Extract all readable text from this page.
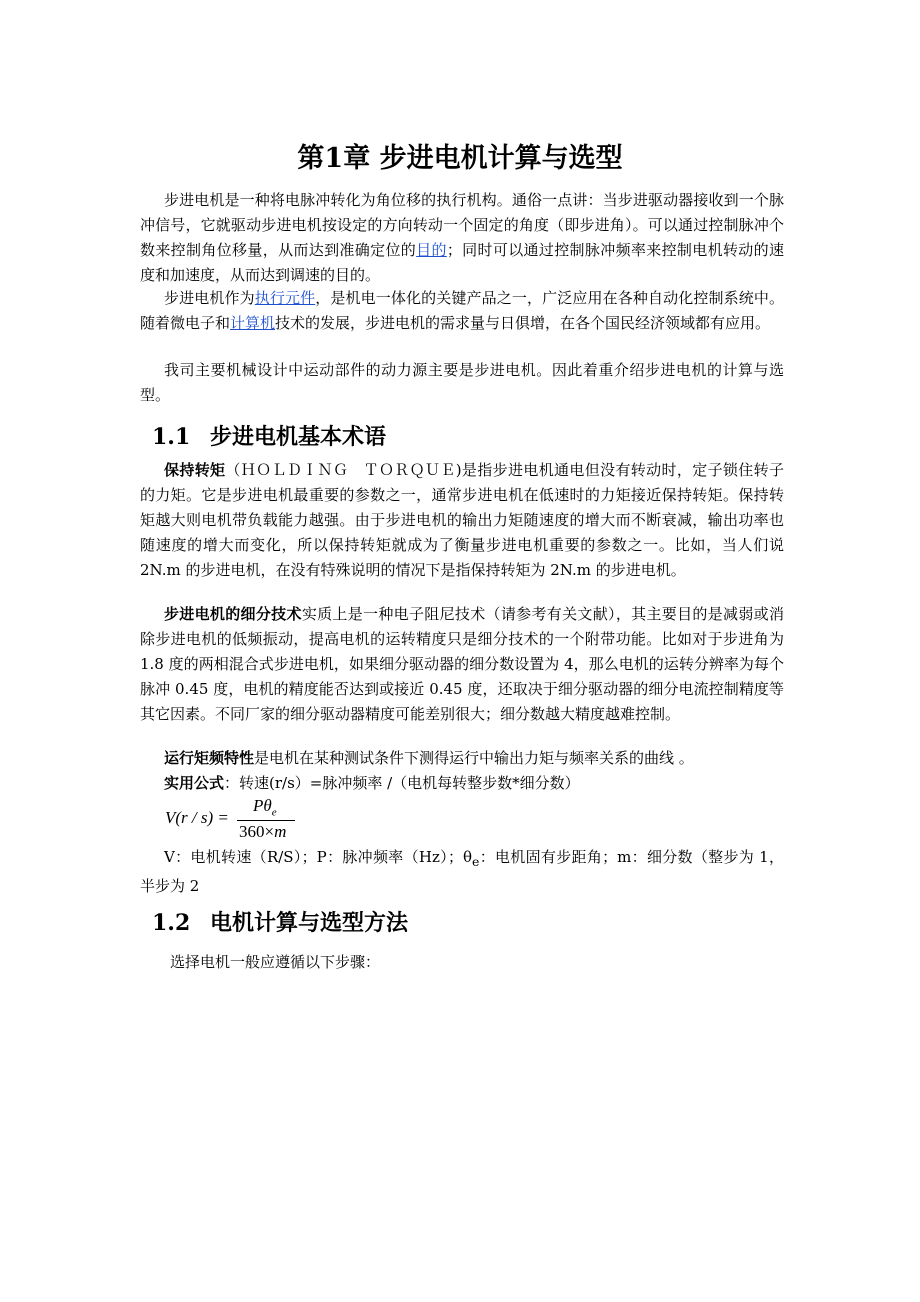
第1章 步进电机计算与选型

步进电机是一种将电脉冲转化为角位移的执行机构。通俗一点讲：当步进驱动器接收到一个脉冲信号，它就驱动步进电机按设定的方向转动一个固定的角度（即步进角）。可以通过控制脉冲个数来控制角位移量，从而达到准确定位的目的；同时可以通过控制脉冲频率来控制电机转动的速度和加速度，从而达到调速的目的。

步进电机作为执行元件，是机电一体化的关键产品之一，广泛应用在各种自动化控制系统中。随着微电子和计算机技术的发展，步进电机的需求量与日俱增，在各个国民经济领域都有应用。

我司主要机械设计中运动部件的动力源主要是步进电机。因此着重介绍步进电机的计算与选型。

1.1 步进电机基本术语

保持转矩（ＨＯＬＤＩＮＧ　ＴＯＲＱＵＥ)是指步进电机通电但没有转动时，定子锁住转子的力矩。它是步进电机最重要的参数之一，通常步进电机在低速时的力矩接近保持转矩。保持转矩越大则电机带负载能力越强。由于步进电机的输出力矩随速度的增大而不断衰减，输出功率也随速度的增大而变化，所以保持转矩就成为了衡量步进电机重要的参数之一。比如，当人们说 2N.m 的步进电机，在没有特殊说明的情况下是指保持转矩为 2N.m 的步进电机。

步进电机的细分技术实质上是一种电子阻尼技术（请参考有关文献），其主要目的是减弱或消除步进电机的低频振动，提高电机的运转精度只是细分技术的一个附带功能。比如对于步进角为 1.8 度的两相混合式步进电机，如果细分驱动器的细分数设置为 4，那么电机的运转分辨率为每个脉冲 0.45 度，电机的精度能否达到或接近 0.45 度，还取决于细分驱动器的细分电流控制精度等其它因素。不同厂家的细分驱动器精度可能差别很大；细分数越大精度越难控制。

运行矩频特性是电机在某种测试条件下测得运行中输出力矩与频率关系的曲线 。

实用公式：转速(r/s）=脉冲频率 /（电机每转整步数*细分数）

V(r / s) =
$P\theta_e$
360×m

V：电机转速（R/S）；P：脉冲频率（Hz）；$\theta_e$：电机固有步距角；m：细分数（整步为 1，半步为 2

1.2 电机计算与选型方法

选择电机一般应遵循以下步骤：
